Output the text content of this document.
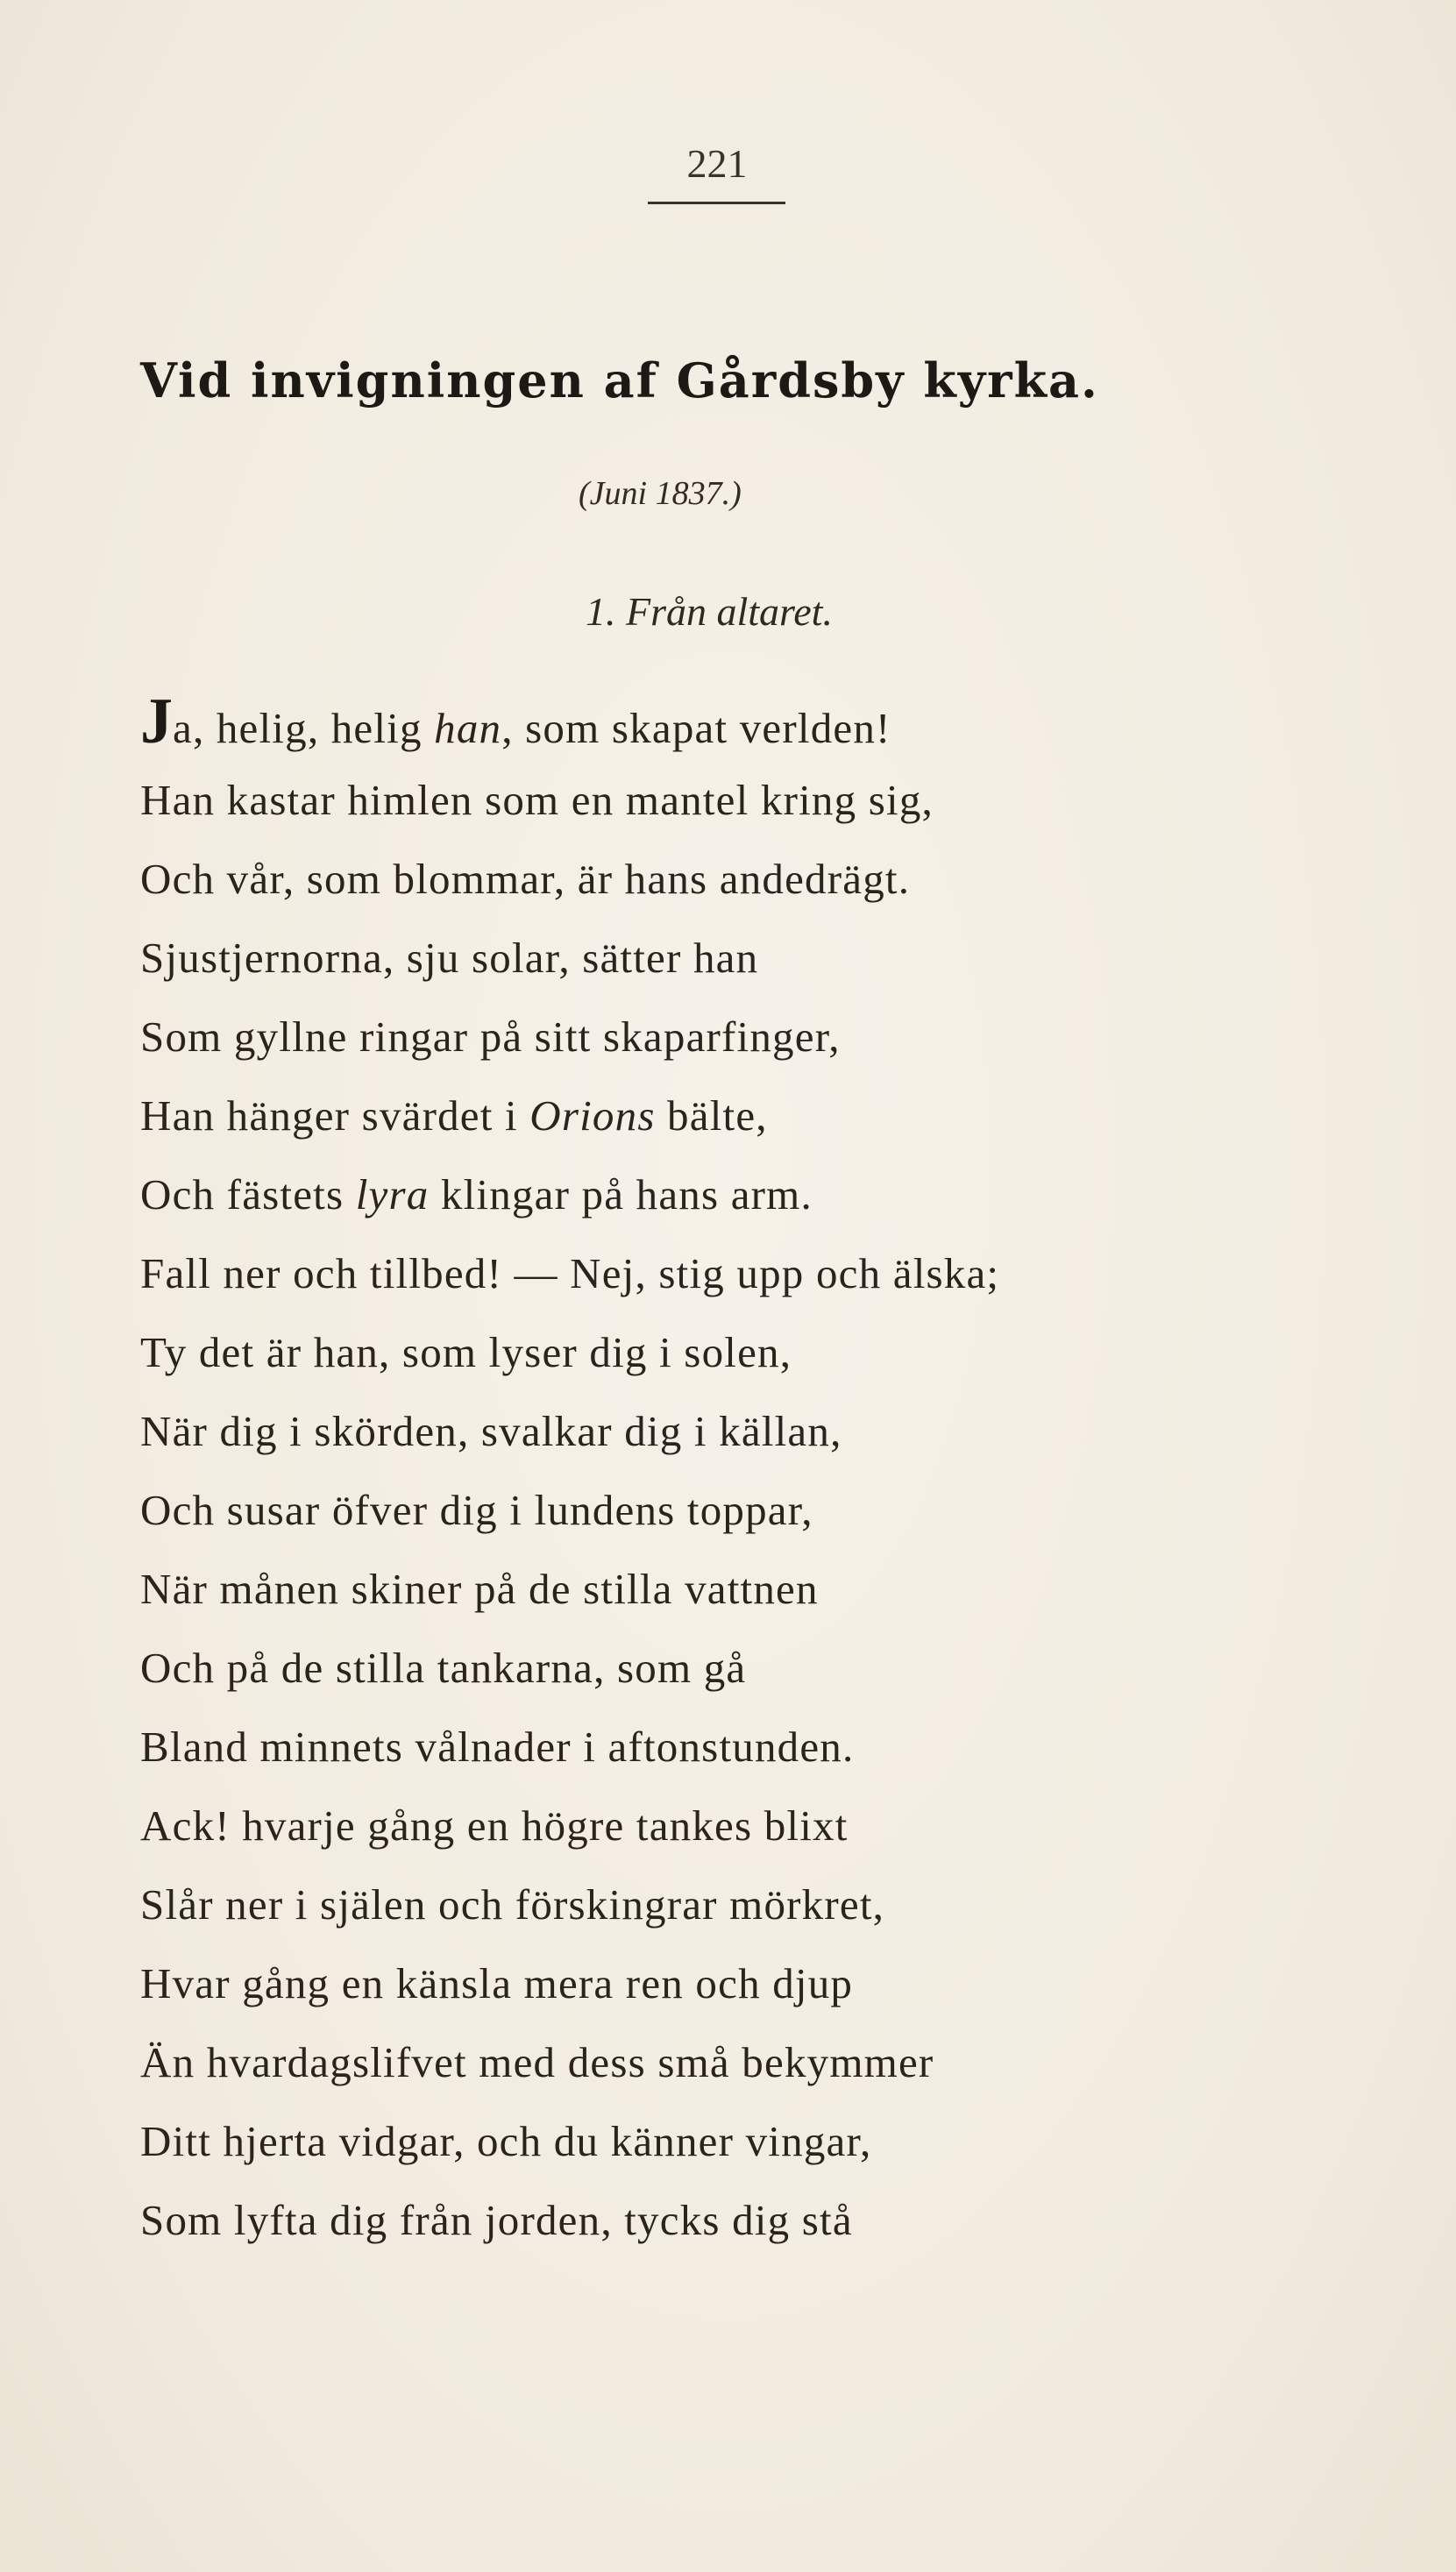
221
Vid invigningen af Gårdsby kyrka.
(Juni 1837.)
1. Från altaret.
Ja, helig, helig han, som skapat verlden!
Han kastar himlen som en mantel kring sig,
Och vår, som blommar, är hans andedrägt.
Sjustjernorna, sju solar, sätter han
Som gyllne ringar på sitt skaparfinger,
Han hänger svärdet i Orions bälte,
Och fästets lyra klingar på hans arm.
Fall ner och tillbed! — Nej, stig upp och älska;
Ty det är han, som lyser dig i solen,
När dig i skörden, svalkar dig i källan,
Och susar öfver dig i lundens toppar,
När månen skiner på de stilla vattnen
Och på de stilla tankarna, som gå
Bland minnets vålnader i aftonstunden.
Ack! hvarje gång en högre tankes blixt
Slår ner i själen och förskingrar mörkret,
Hvar gång en känsla mera ren och djup
Än hvardagslifvet med dess små bekymmer
Ditt hjerta vidgar, och du känner vingar,
Som lyfta dig från jorden, tycks dig stå
